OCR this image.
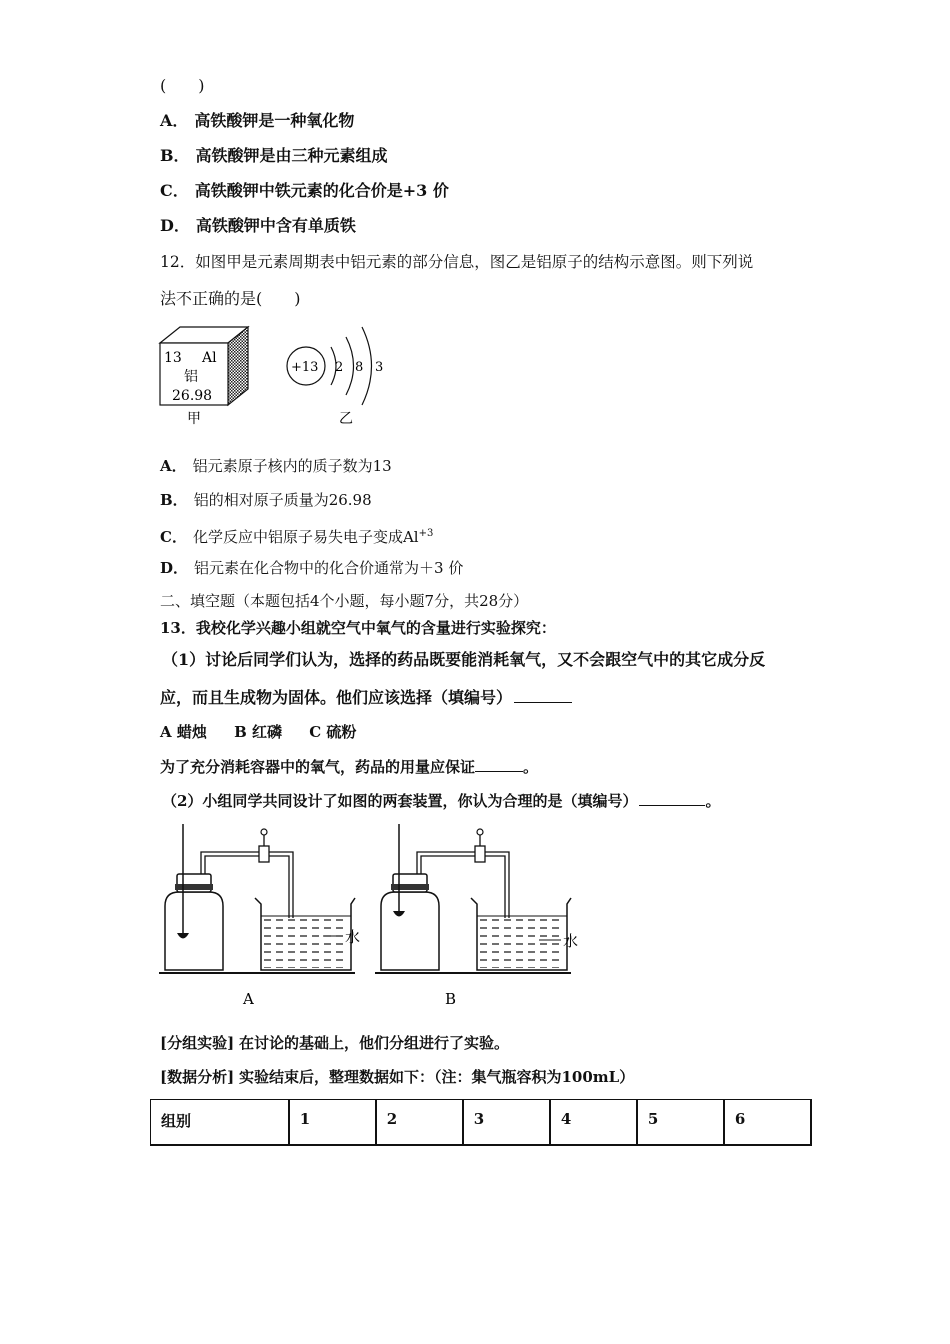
(　　)
A． 高铁酸钾是一种氧化物
B． 高铁酸钾是由三种元素组成
C． 高铁酸钾中铁元素的化合价是+3 价
D． 高铁酸钾中含有单质铁
12．如图甲是元素周期表中铝元素的部分信息，图乙是铝原子的结构示意图。则下列说
法不正确的是(　　)
13 Al
铝
26.98
甲
+13 2 8 3
乙
A． 铝元素原子核内的质子数为13
B． 铝的相对原子质量为26.98
C． 化学反应中铝原子易失电子变成$Al^{+3}$
D． 铝元素在化合物中的化合价通常为＋3 价
二、填空题（本题包括4个小题，每小题7分，共28分）
13．我校化学兴趣小组就空气中氧气的含量进行实验探究：
（1）讨论后同学们认为，选择的药品既要能消耗氧气，又不会跟空气中的其它成分反
应，而且生成物为固体。他们应该选择（填编号）
A 蜡烛 B 红磷 C 硫粉
为了充分消耗容器中的氧气，药品的用量应保证	。
（2）小组同学共同设计了如图的两套装置，你认为合理的是（填编号）	。
水
A
水
B
[分组实验] 在讨论的基础上，他们分组进行了实验。
[数据分析] 实验结束后，整理数据如下：（注：集气瓶容积为100mL）
组别	1	2	3	4	5	6
